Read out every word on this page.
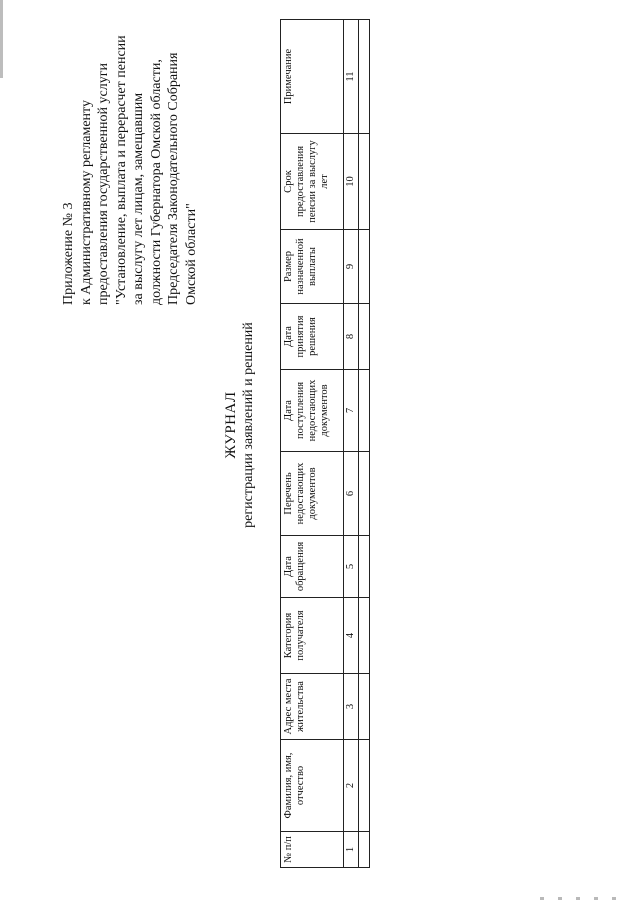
Приложение № 3 к Административному регламенту предоставления государственной услуги "Установление, выплата и перерасчет пенсии за выслугу лет лицам, замещавшим должности Губернатора Омской области, Председателя Законодательного Собрания Омской области"
ЖУРНАЛ регистрации заявлений и решений
№ п/п	Фамилия, имя, отчество	Адрес места жительства	Категория получателя	Дата обращения	Перечень недостающих документов	Дата поступления недостающих документов	Дата принятия решения	Размер назначенной выплаты	Срок предоставления пенсии за выслугу лет	Примечание
1	2	3	4	5	6	7	8	9	10	11
